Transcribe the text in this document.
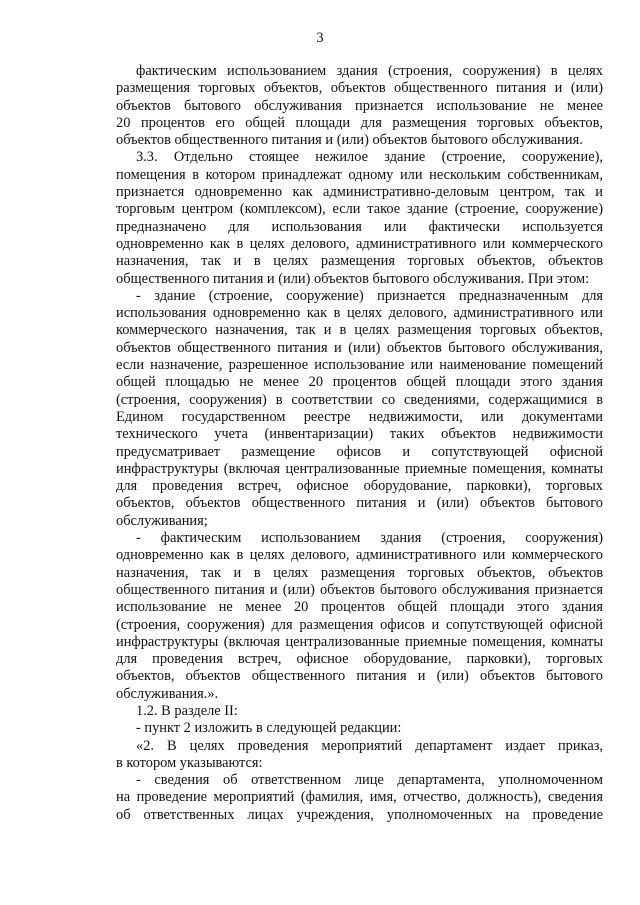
3
фактическим использованием здания (строения, сооружения) в целях
размещения торговых объектов, объектов общественного питания и (или)
объектов бытового обслуживания признается использование не менее
20 процентов его общей площади для размещения торговых объектов,
объектов общественного питания и (или) объектов бытового обслуживания.
3.3. Отдельно стоящее нежилое здание (строение, сооружение),
помещения в котором принадлежат одному или нескольким собственникам,
признается одновременно как административно-деловым центром, так и
торговым центром (комплексом), если такое здание (строение, сооружение)
предназначено для использования или фактически используется
одновременно как в целях делового, административного или коммерческого
назначения, так и в целях размещения торговых объектов, объектов
общественного питания и (или) объектов бытового обслуживания. При этом:
- здание (строение, сооружение) признается предназначенным для
использования одновременно как в целях делового, административного или
коммерческого назначения, так и в целях размещения торговых объектов,
объектов общественного питания и (или) объектов бытового обслуживания,
если назначение, разрешенное использование или наименование помещений
общей площадью не менее 20 процентов общей площади этого здания
(строения, сооружения) в соответствии со сведениями, содержащимися в
Едином государственном реестре недвижимости, или документами
технического учета (инвентаризации) таких объектов недвижимости
предусматривает размещение офисов и сопутствующей офисной
инфраструктуры (включая централизованные приемные помещения, комнаты
для проведения встреч, офисное оборудование, парковки), торговых
объектов, объектов общественного питания и (или) объектов бытового
обслуживания;
- фактическим использованием здания (строения, сооружения)
одновременно как в целях делового, административного или коммерческого
назначения, так и в целях размещения торговых объектов, объектов
общественного питания и (или) объектов бытового обслуживания признается
использование не менее 20 процентов общей площади этого здания
(строения, сооружения) для размещения офисов и сопутствующей офисной
инфраструктуры (включая централизованные приемные помещения, комнаты
для проведения встреч, офисное оборудование, парковки), торговых
объектов, объектов общественного питания и (или) объектов бытового
обслуживания.».
1.2. В разделе II:
- пункт 2 изложить в следующей редакции:
«2. В целях проведения мероприятий департамент издает приказ,
в котором указываются:
- сведения об ответственном лице департамента, уполномоченном
на проведение мероприятий (фамилия, имя, отчество, должность), сведения
об ответственных лицах учреждения, уполномоченных на проведение
